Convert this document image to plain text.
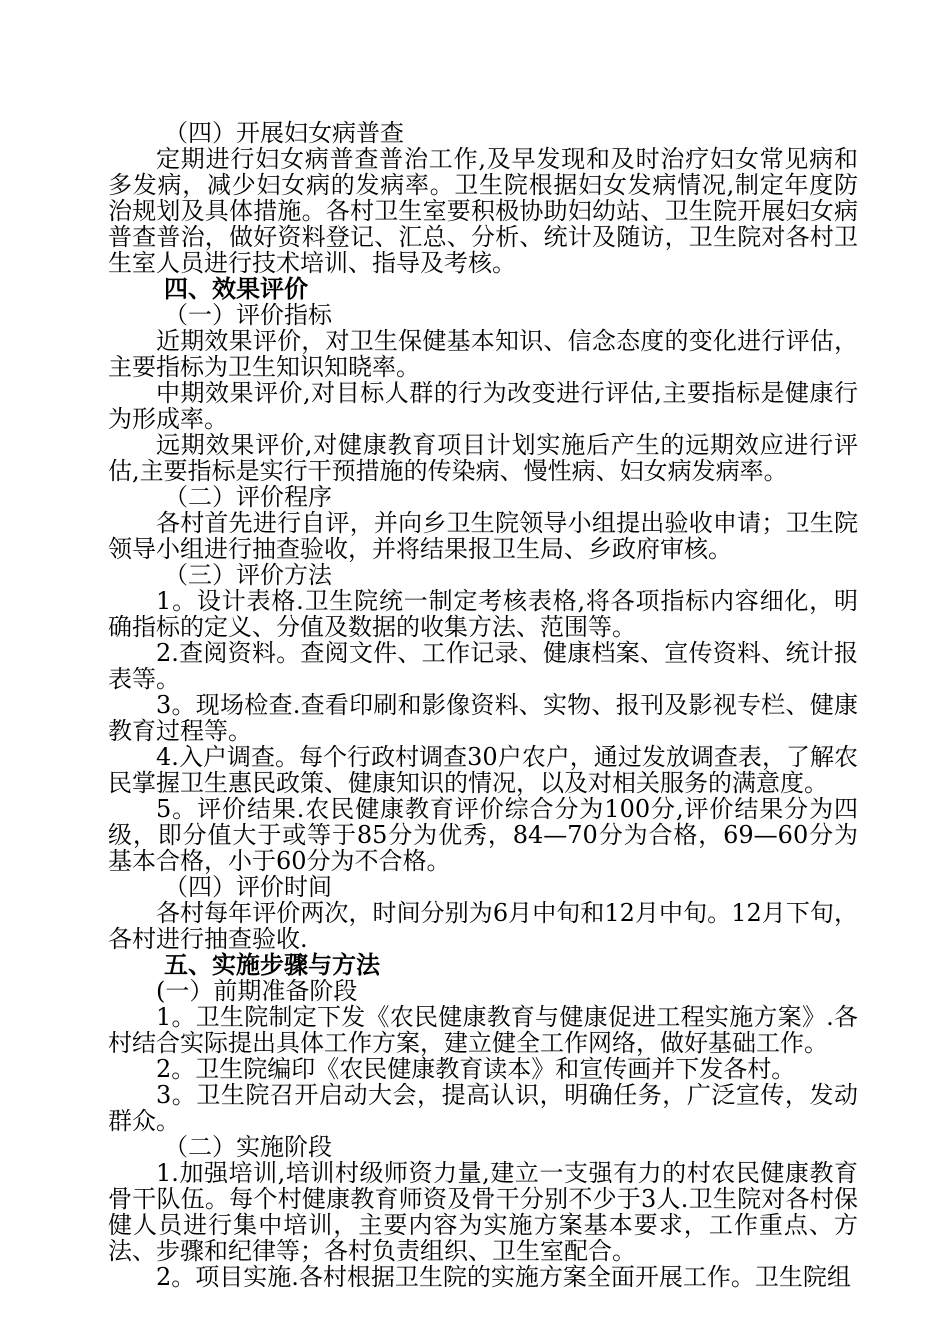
（四）开展妇女病普查

定期进行妇女病普查普治工作,及早发现和及时治疗妇女常见病和多发病，减少妇女病的发病率。卫生院根据妇女发病情况,制定年度防治规划及具体措施。各村卫生室要积极协助妇幼站、卫生院开展妇女病普查普治，做好资料登记、汇总、分析、统计及随访，卫生院对各村卫生室人员进行技术培训、指导及考核。

四、效果评价

（一）评价指标

近期效果评价，对卫生保健基本知识、信念态度的变化进行评估，主要指标为卫生知识知晓率。

中期效果评价,对目标人群的行为改变进行评估,主要指标是健康行为形成率。

远期效果评价,对健康教育项目计划实施后产生的远期效应进行评估,主要指标是实行干预措施的传染病、慢性病、妇女病发病率。

（二）评价程序

各村首先进行自评，并向乡卫生院领导小组提出验收申请；卫生院领导小组进行抽查验收，并将结果报卫生局、乡政府审核。

（三）评价方法

1。设计表格.卫生院统一制定考核表格,将各项指标内容细化，明确指标的定义、分值及数据的收集方法、范围等。

2.查阅资料。查阅文件、工作记录、健康档案、宣传资料、统计报表等。

3。现场检查.查看印刷和影像资料、实物、报刊及影视专栏、健康教育过程等。

4.入户调查。每个行政村调查30户农户，通过发放调查表，了解农民掌握卫生惠民政策、健康知识的情况，以及对相关服务的满意度。

5。评价结果.农民健康教育评价综合分为100分,评价结果分为四级，即分值大于或等于85分为优秀，84—70分为合格，69—60分为基本合格，小于60分为不合格。

（四）评价时间

各村每年评价两次，时间分别为6月中旬和12月中旬。12月下旬，各村进行抽查验收.

五、实施步骤与方法

(一）前期准备阶段

1。卫生院制定下发《农民健康教育与健康促进工程实施方案》.各村结合实际提出具体工作方案，建立健全工作网络，做好基础工作。

2。卫生院编印《农民健康教育读本》和宣传画并下发各村。

3。卫生院召开启动大会，提高认识，明确任务，广泛宣传，发动群众。

（二）实施阶段

1.加强培训,培训村级师资力量,建立一支强有力的村农民健康教育骨干队伍。每个村健康教育师资及骨干分别不少于3人.卫生院对各村保健人员进行集中培训，主要内容为实施方案基本要求，工作重点、方法、步骤和纪律等；各村负责组织、卫生室配合。

2。项目实施.各村根据卫生院的实施方案全面开展工作。卫生院组
